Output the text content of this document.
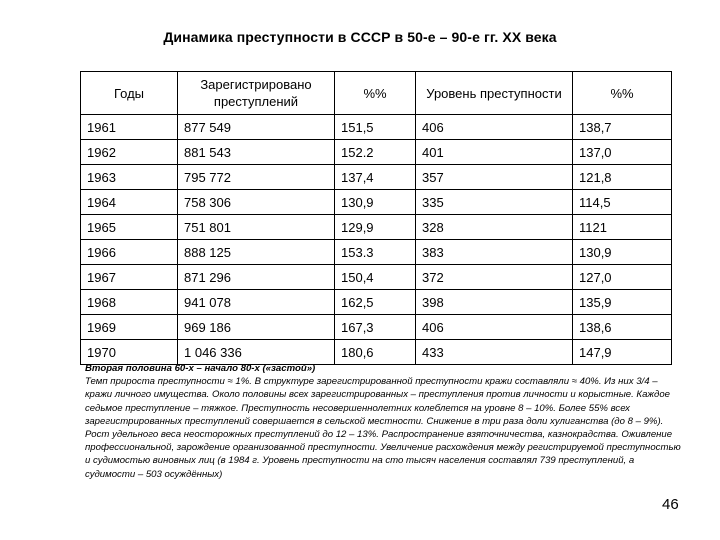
Динамика преступности в СССР в 50-е – 90-е гг. XX века
Годы	Зарегистрировано преступлений	%%	Уровень преступности	%%
1961	877 549	151,5	406	138,7
1962	881 543	152.2	401	137,0
1963	795 772	137,4	357	121,8
1964	758 306	130,9	335	114,5
1965	751 801	129,9	328	1121
1966	888 125	153.3	383	130,9
1967	871 296	150,4	372	127,0
1968	941 078	162,5	398	135,9
1969	969 186	167,3	406	138,6
1970	1 046 336	180,6	433	147,9

Вторая половина 60-х – начало 80-х («застой»)

Темп прироста преступности ≈ 1%. В структуре зарегистрированной преступности кражи составляли ≈ 40%. Из них 3/4 – кражи личного имущества. Около половины всех зарегистрированных – преступления против личности и корыстные. Каждое седьмое преступление – тяжкое. Преступность несовершеннолетних колеблется на уровне 8 – 10%. Более 55% всех зарегистрированных преступлений совершается в сельской местности. Снижение в три раза доли хулиганства (до 8 – 9%). Рост удельного веса неосторожных преступлений до 12 – 13%. Распространение взяточничества, казнокрадства. Оживление профессиональной, зарождение организованной преступности. Увеличение расхождения между регистрируемой преступностью и судимостью виновных лиц (в 1984 г. Уровень преступности на сто тысяч населения составлял 739 преступлений, а судимости – 503 осуждённых)

46
